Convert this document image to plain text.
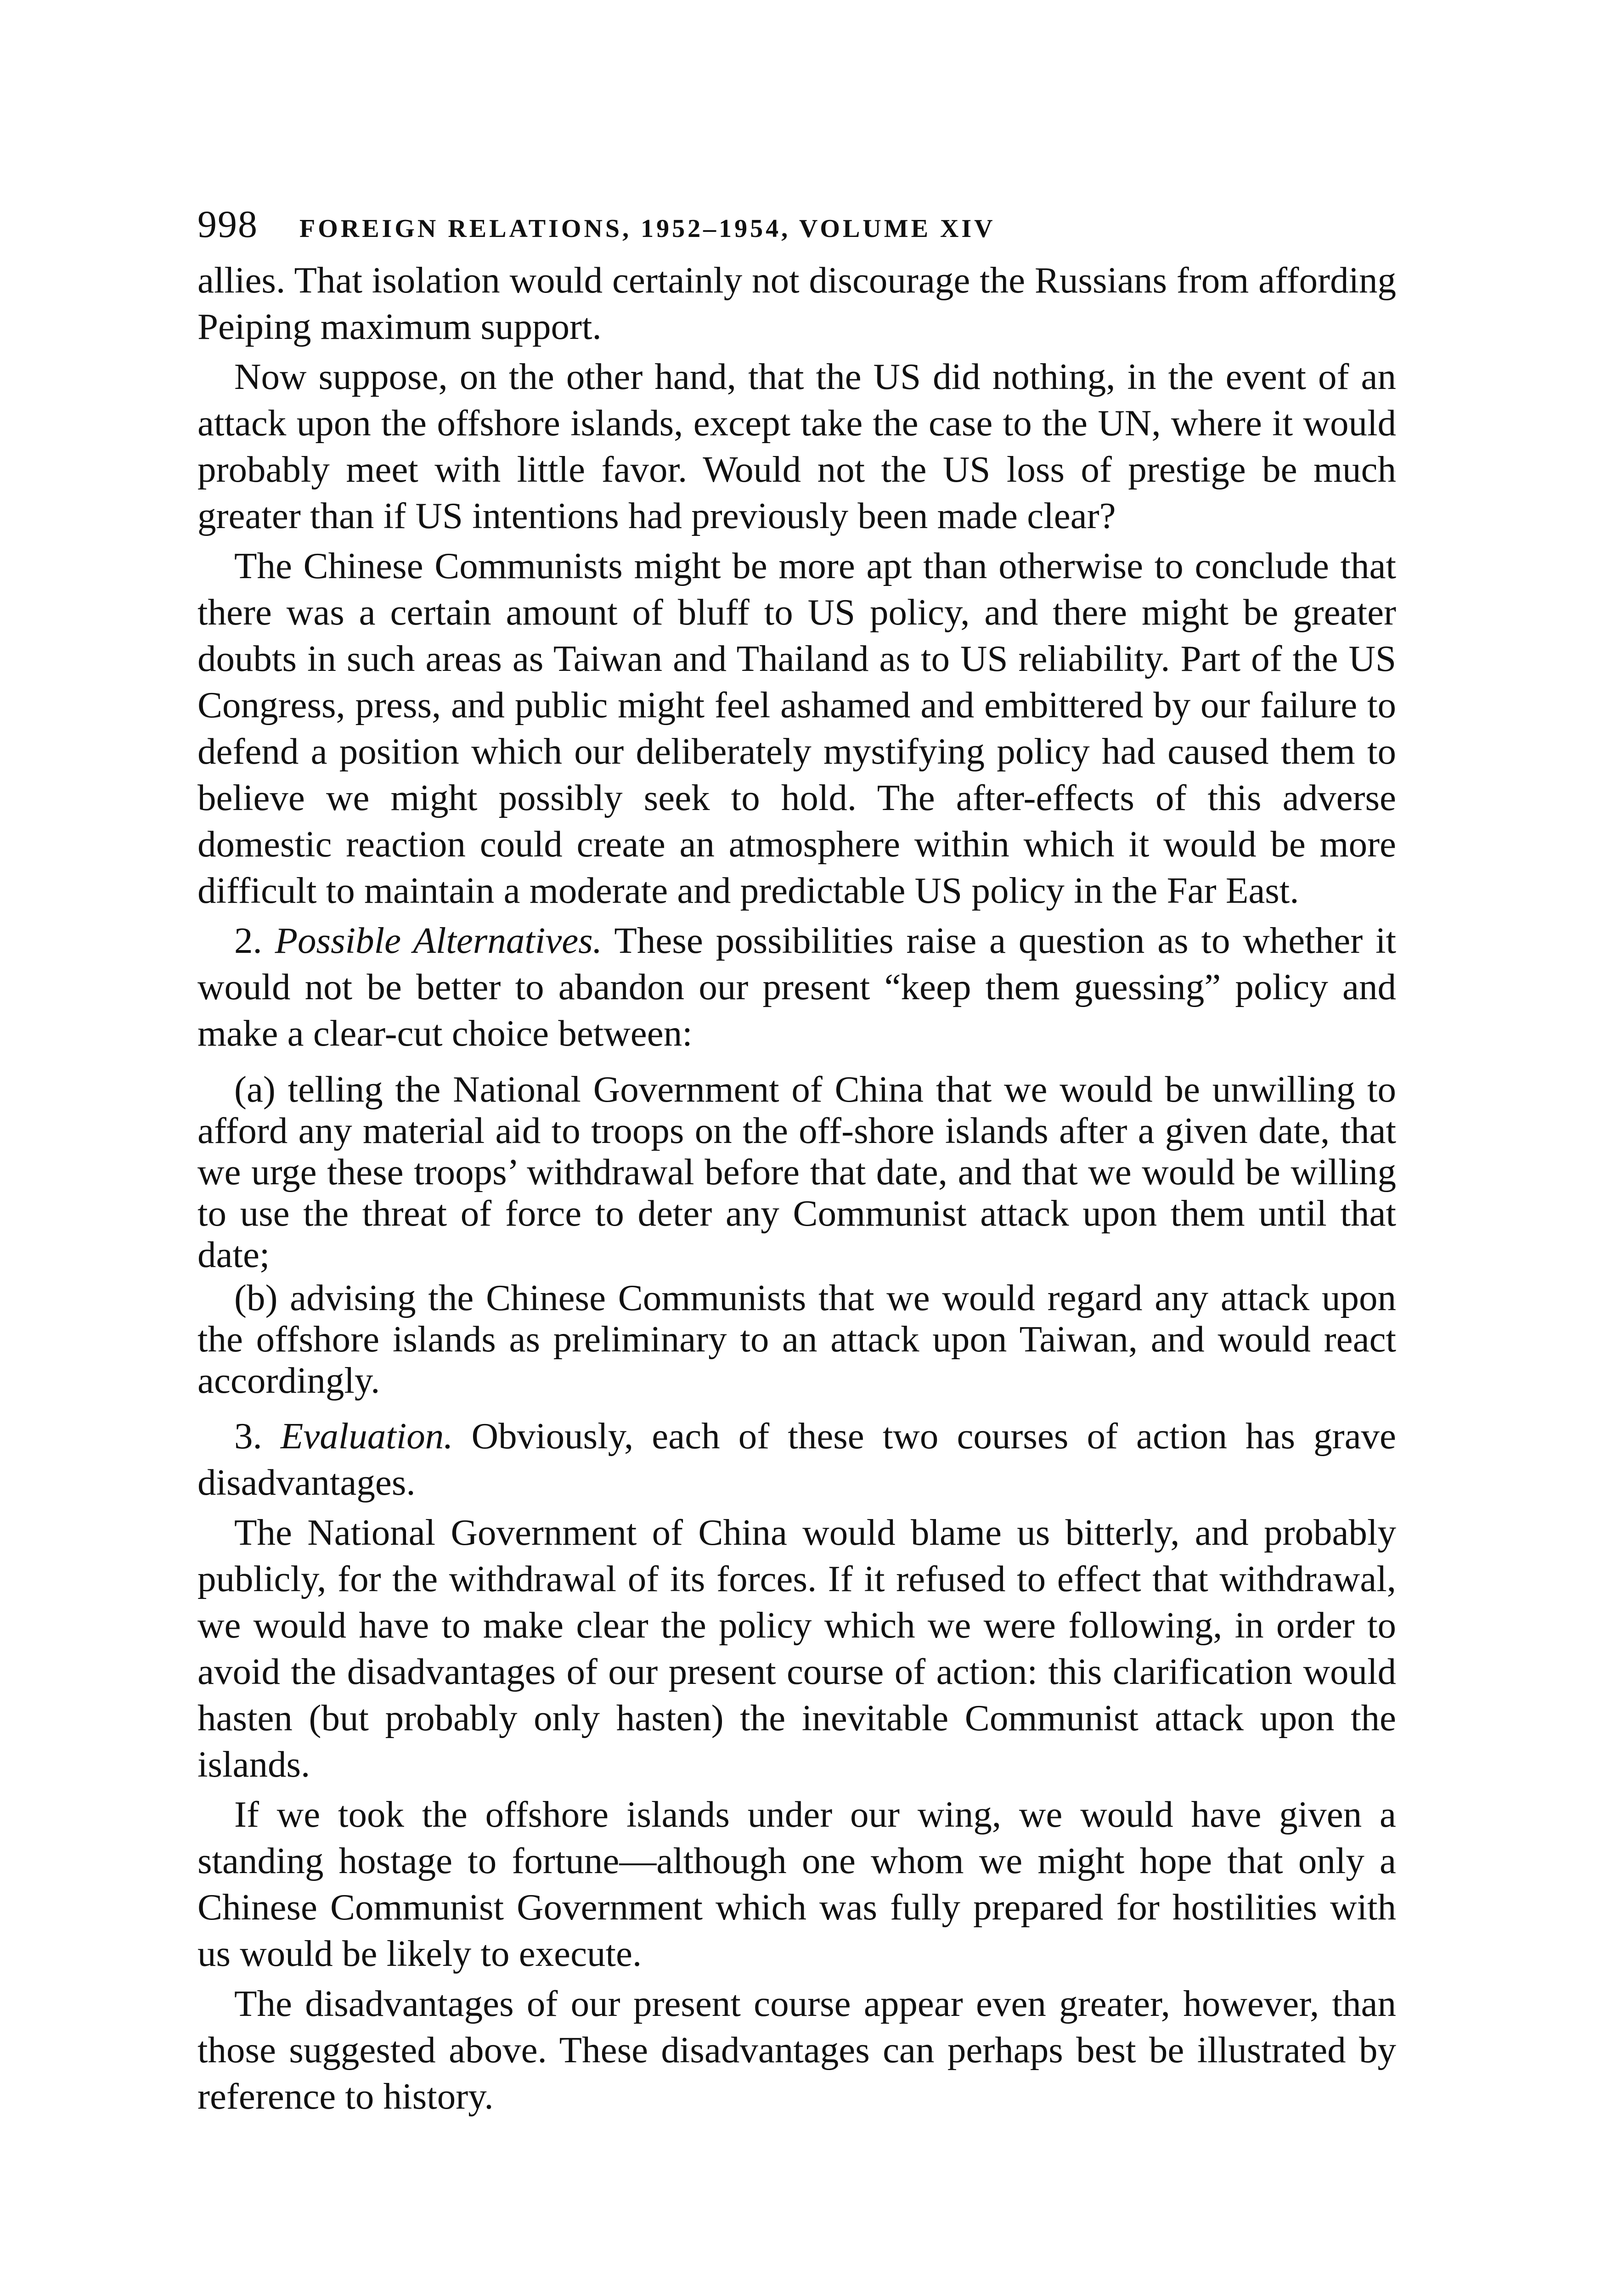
998 FOREIGN RELATIONS, 1952–1954, VOLUME XIV

allies. That isolation would certainly not discourage the Russians from affording Peiping maximum support.

Now suppose, on the other hand, that the US did nothing, in the event of an attack upon the offshore islands, except take the case to the UN, where it would probably meet with little favor. Would not the US loss of prestige be much greater than if US intentions had previously been made clear?

The Chinese Communists might be more apt than otherwise to conclude that there was a certain amount of bluff to US policy, and there might be greater doubts in such areas as Taiwan and Thailand as to US reliability. Part of the US Congress, press, and public might feel ashamed and embittered by our failure to defend a position which our deliberately mystifying policy had caused them to believe we might possibly seek to hold. The after-effects of this adverse domestic reaction could create an atmosphere within which it would be more difficult to maintain a moderate and predictable US policy in the Far East.

2. Possible Alternatives. These possibilities raise a question as to whether it would not be better to abandon our present “keep them guessing” policy and make a clear-cut choice between:

(a) telling the National Government of China that we would be unwilling to afford any material aid to troops on the off-shore islands after a given date, that we urge these troops’ withdrawal before that date, and that we would be willing to use the threat of force to deter any Communist attack upon them until that date;

(b) advising the Chinese Communists that we would regard any attack upon the offshore islands as preliminary to an attack upon Taiwan, and would react accordingly.

3. Evaluation. Obviously, each of these two courses of action has grave disadvantages.

The National Government of China would blame us bitterly, and probably publicly, for the withdrawal of its forces. If it refused to effect that withdrawal, we would have to make clear the policy which we were following, in order to avoid the disadvantages of our present course of action: this clarification would hasten (but probably only hasten) the inevitable Communist attack upon the islands.

If we took the offshore islands under our wing, we would have given a standing hostage to fortune—although one whom we might hope that only a Chinese Communist Government which was fully prepared for hostilities with us would be likely to execute.

The disadvantages of our present course appear even greater, however, than those suggested above. These disadvantages can perhaps best be illustrated by reference to history.
